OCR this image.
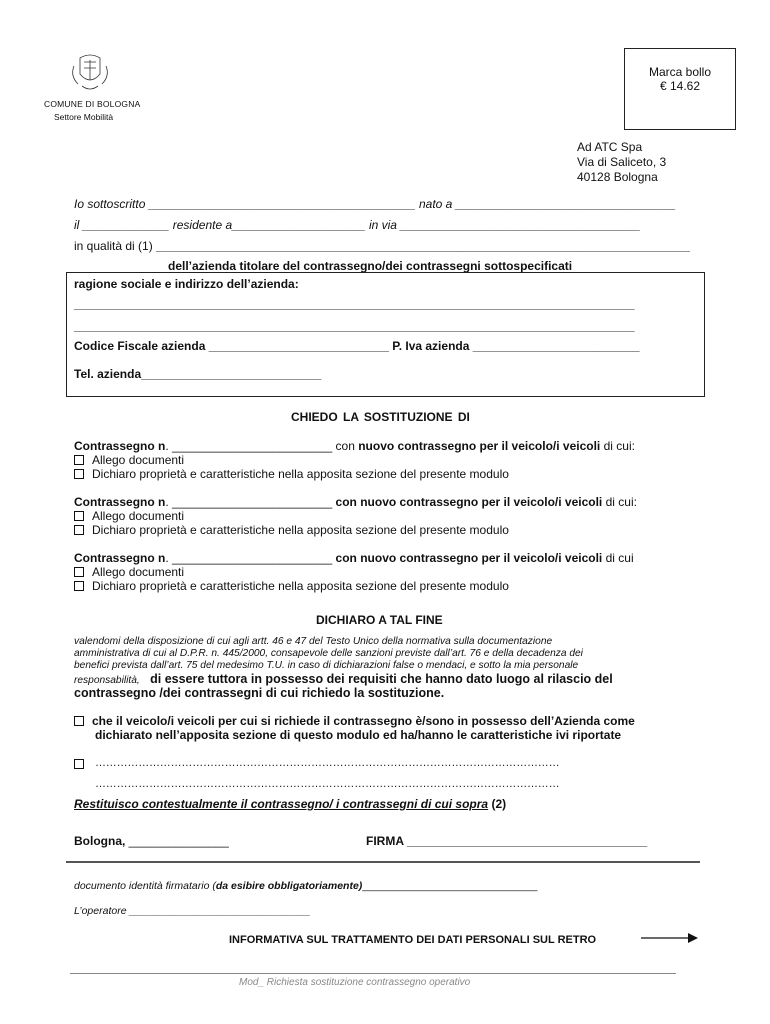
COMUNE DI BOLOGNA
Settore Mobilità
Marca bollo
€ 14.62
Ad ATC Spa
Via di Saliceto, 3
40128 Bologna
Io sottoscritto ________________________________________ nato a _________________________________
il _____________ residente a____________________ in via ____________________________________
in qualità di (1) ________________________________________________________________________________
dell’azienda titolare del contrassegno/dei contrassegni sottospecificati
ragione sociale e indirizzo dell’azienda:
____________________________________________________________________________________
____________________________________________________________________________________
Codice Fiscale azienda ___________________________ P. Iva azienda _________________________
Tel. azienda___________________________
CHIEDO LA SOSTITUZIONE DI
Contrassegno n. ________________________ con nuovo contrassegno per il veicolo/i veicoli di cui:
Allego documenti
Dichiaro proprietà e caratteristiche nella apposita sezione del presente modulo
Contrassegno n. ________________________ con nuovo contrassegno per il veicolo/i veicoli di cui:
Allego documenti
Dichiaro proprietà e caratteristiche nella apposita sezione del presente modulo
Contrassegno n. ________________________ con nuovo contrassegno per il veicolo/i veicoli di cui
Allego documenti
Dichiaro proprietà e caratteristiche nella apposita sezione del presente modulo
DICHIARO A TAL FINE
valendomi della disposizione di cui agli artt. 46 e 47 del Testo Unico della normativa sulla documentazione
amministrativa di cui al D.P.R. n. 445/2000, consapevole delle sanzioni previste dall’art. 76 e della decadenza dei
benefici prevista dall’art. 75 del medesimo T.U. in caso di dichiarazioni false o mendaci, e sotto la mia personale
responsabilità,   di essere tuttora in possesso dei requisiti che hanno dato luogo al rilascio del
contrassegno /dei contrassegni di cui richiedo la sostituzione.
che il veicolo/i veicoli per cui si richiede il contrassegno è/sono in possesso dell’Azienda come
dichiarato nell’apposita sezione di questo modulo ed ha/hanno le caratteristiche ivi riportate
…………………………………………………………………………………………………………………
…………………………………………………………………………………………………………………
Restituisco contestualmente il contrassegno/ i contrassegni di cui sopra (2)
Bologna, _______________	FIRMA ____________________________________
documento identità firmatario (da esibire obbligatoriamente)______________________________
L’operatore _______________________________
INFORMATIVA SUL TRATTAMENTO DEI DATI PERSONALI SUL RETRO
Mod_ Richiesta sostituzione contrassegno operativo
